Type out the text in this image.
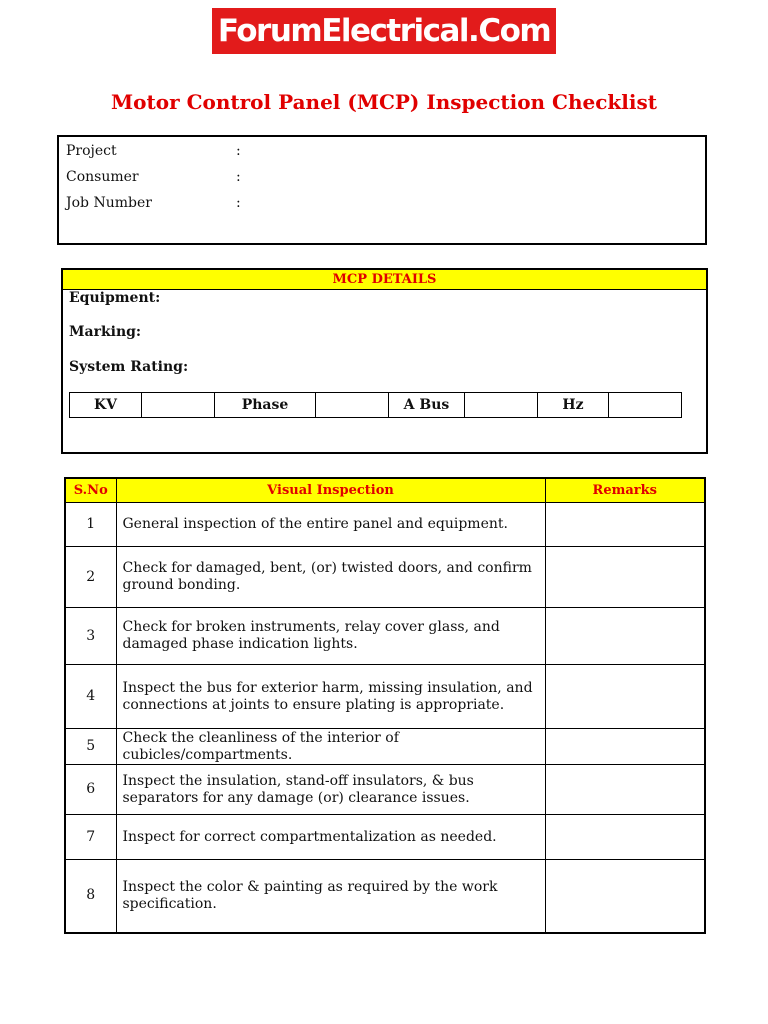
ForumElectrical.Com
Motor Control Panel (MCP) Inspection Checklist
Project	:
Consumer	:
Job Number	:
MCP DETAILS
Equipment:
Marking:
System Rating:
KV		Phase		A Bus		Hz	
S.No	Visual Inspection	Remarks
1	General inspection of the entire panel and equipment.	
2	Check for damaged, bent, (or) twisted doors, and confirm ground bonding.	
3	Check for broken instruments, relay cover glass, and damaged phase indication lights.	
4	Inspect the bus for exterior harm, missing insulation, and connections at joints to ensure plating is appropriate.	
5	Check the cleanliness of the interior of cubicles/compartments.	
6	Inspect the insulation, stand-off insulators, & bus separators for any damage (or) clearance issues.	
7	Inspect for correct compartmentalization as needed.	
8	Inspect the color & painting as required by the work specification.	
